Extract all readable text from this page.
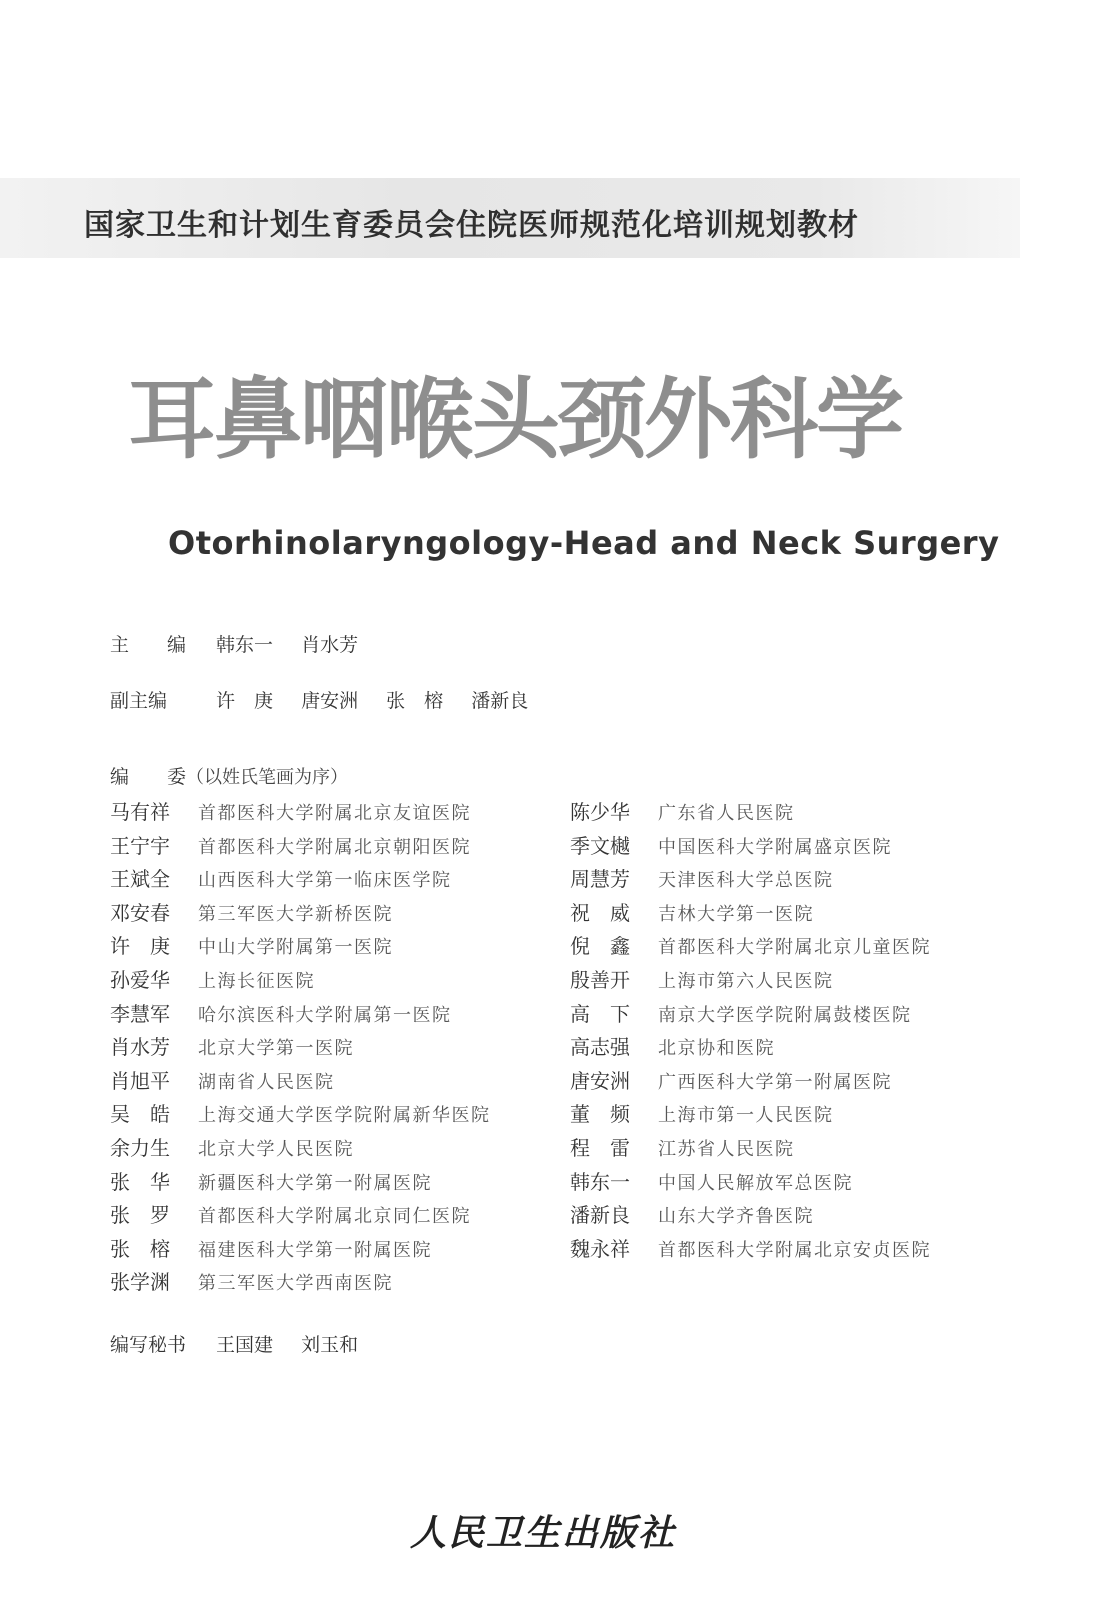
国家卫生和计划生育委员会住院医师规范化培训规划教材
耳鼻咽喉头颈外科学
Otorhinolaryngology-Head and Neck Surgery
主　　编 韩东一 肖水芳
副主编	许　庚 唐安洲 张　榕 潘新良
编　　委（以姓氏笔画为序）
马有祥 首都医科大学附属北京友谊医院
王宁宇 首都医科大学附属北京朝阳医院
王斌全 山西医科大学第一临床医学院
邓安春 第三军医大学新桥医院
许　庚 中山大学附属第一医院
孙爱华 上海长征医院
李慧军 哈尔滨医科大学附属第一医院
肖水芳 北京大学第一医院
肖旭平 湖南省人民医院
吴　皓 上海交通大学医学院附属新华医院
余力生 北京大学人民医院
张　华 新疆医科大学第一附属医院
张　罗 首都医科大学附属北京同仁医院
张　榕 福建医科大学第一附属医院
张学渊 第三军医大学西南医院
陈少华 广东省人民医院
季文樾 中国医科大学附属盛京医院
周慧芳 天津医科大学总医院
祝　威 吉林大学第一医院
倪　鑫 首都医科大学附属北京儿童医院
殷善开 上海市第六人民医院
高　下 南京大学医学院附属鼓楼医院
高志强 北京协和医院
唐安洲 广西医科大学第一附属医院
董　频 上海市第一人民医院
程　雷 江苏省人民医院
韩东一 中国人民解放军总医院
潘新良 山东大学齐鲁医院
魏永祥 首都医科大学附属北京安贞医院
编写秘书 王国建 刘玉和
人民卫生出版社
